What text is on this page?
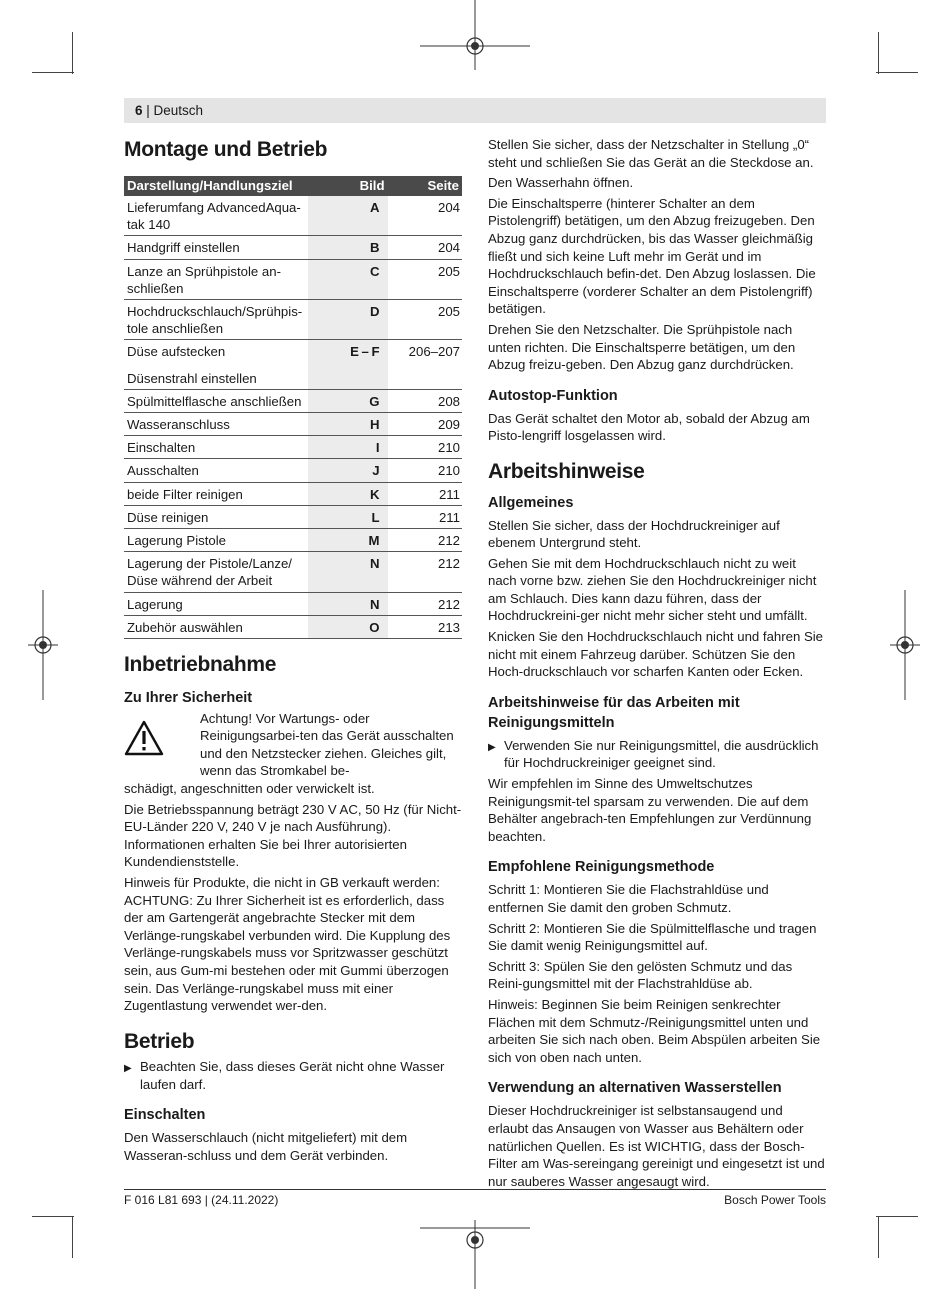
6 | Deutsch
Montage und Betrieb
Darstellung/Handlungsziel	Bild	Seite
Lieferumfang AdvancedAqua-tak 140	A	204
Handgriff einstellen	B	204
Lanze an Sprühpistole an-schließen	C	205
Hochdruckschlauch/Sprühpis-tole anschließen	D	205
Düse aufstecken	E – F	206–207
Düsenstrahl einstellen		
Spülmittelflasche anschließen	G	208
Wasseranschluss	H	209
Einschalten	I	210
Ausschalten	J	210
beide Filter reinigen	K	211
Düse reinigen	L	211
Lagerung Pistole	M	212
Lagerung der Pistole/Lanze/ Düse während der Arbeit	N	212
Lagerung	N	212
Zubehör auswählen	O	213
Inbetriebnahme
Zu Ihrer Sicherheit
Achtung! Vor Wartungs- oder Reinigungsarbei-ten das Gerät ausschalten und den Netzstecker ziehen. Gleiches gilt, wenn das Stromkabel be-

schädigt, angeschnitten oder verwickelt ist.

Die Betriebsspannung beträgt 230 V AC, 50 Hz (für Nicht-EU-Länder 220 V, 240 V je nach Ausführung). Informationen erhalten Sie bei Ihrer autorisierten Kundendienststelle.

Hinweis für Produkte, die nicht in GB verkauft werden: ACHTUNG: Zu Ihrer Sicherheit ist es erforderlich, dass der am Gartengerät angebrachte Stecker mit dem Verlänge-rungskabel verbunden wird. Die Kupplung des Verlänge-rungskabels muss vor Spritzwasser geschützt sein, aus Gum-mi bestehen oder mit Gummi überzogen sein. Das Verlänge-rungskabel muss mit einer Zugentlastung verwendet wer-den.

Betrieb
▶ Beachten Sie, dass dieses Gerät nicht ohne Wasser laufen darf.
Einschalten

Den Wasserschlauch (nicht mitgeliefert) mit dem Wasseran-schluss und dem Gerät verbinden.

Stellen Sie sicher, dass der Netzschalter in Stellung „0“ steht und schließen Sie das Gerät an die Steckdose an.

Den Wasserhahn öffnen.

Die Einschaltsperre (hinterer Schalter an dem Pistolengriff) betätigen, um den Abzug freizugeben. Den Abzug ganz durchdrücken, bis das Wasser gleichmäßig fließt und sich keine Luft mehr im Gerät und im Hochdruckschlauch befin-det. Den Abzug loslassen. Die Einschaltsperre (vorderer Schalter an dem Pistolengriff) betätigen.

Drehen Sie den Netzschalter. Die Sprühpistole nach unten richten. Die Einschaltsperre betätigen, um den Abzug freizu-geben. Den Abzug ganz durchdrücken.

Autostop-Funktion

Das Gerät schaltet den Motor ab, sobald der Abzug am Pisto-lengriff losgelassen wird.

Arbeitshinweise
Allgemeines

Stellen Sie sicher, dass der Hochdruckreiniger auf ebenem Untergrund steht.

Gehen Sie mit dem Hochdruckschlauch nicht zu weit nach vorne bzw. ziehen Sie den Hochdruckreiniger nicht am Schlauch. Dies kann dazu führen, dass der Hochdruckreini-ger nicht mehr sicher steht und umfällt.

Knicken Sie den Hochdruckschlauch nicht und fahren Sie nicht mit einem Fahrzeug darüber. Schützen Sie den Hoch-druckschlauch vor scharfen Kanten oder Ecken.

Arbeitshinweise für das Arbeiten mit Reinigungsmitteln
▶ Verwenden Sie nur Reinigungsmittel, die ausdrücklich für Hochdruckreiniger geeignet sind.

Wir empfehlen im Sinne des Umweltschutzes Reinigungsmit-tel sparsam zu verwenden. Die auf dem Behälter angebrach-ten Empfehlungen zur Verdünnung beachten.

Empfohlene Reinigungsmethode

Schritt 1: Montieren Sie die Flachstrahldüse und entfernen Sie damit den groben Schmutz.

Schritt 2: Montieren Sie die Spülmittelflasche und tragen Sie damit wenig Reinigungsmittel auf.

Schritt 3: Spülen Sie den gelösten Schmutz und das Reini-gungsmittel mit der Flachstrahldüse ab.

Hinweis: Beginnen Sie beim Reinigen senkrechter Flächen mit dem Schmutz-/Reinigungsmittel unten und arbeiten Sie sich nach oben. Beim Abspülen arbeiten Sie sich von oben nach unten.

Verwendung an alternativen Wasserstellen

Dieser Hochdruckreiniger ist selbstansaugend und erlaubt das Ansaugen von Wasser aus Behältern oder natürlichen Quellen. Es ist WICHTIG, dass der Bosch-Filter am Was-sereingang gereinigt und eingesetzt ist und nur sauberes Wasser angesaugt wird.

F 016 L81 693 | (24.11.2022)	Bosch Power Tools
